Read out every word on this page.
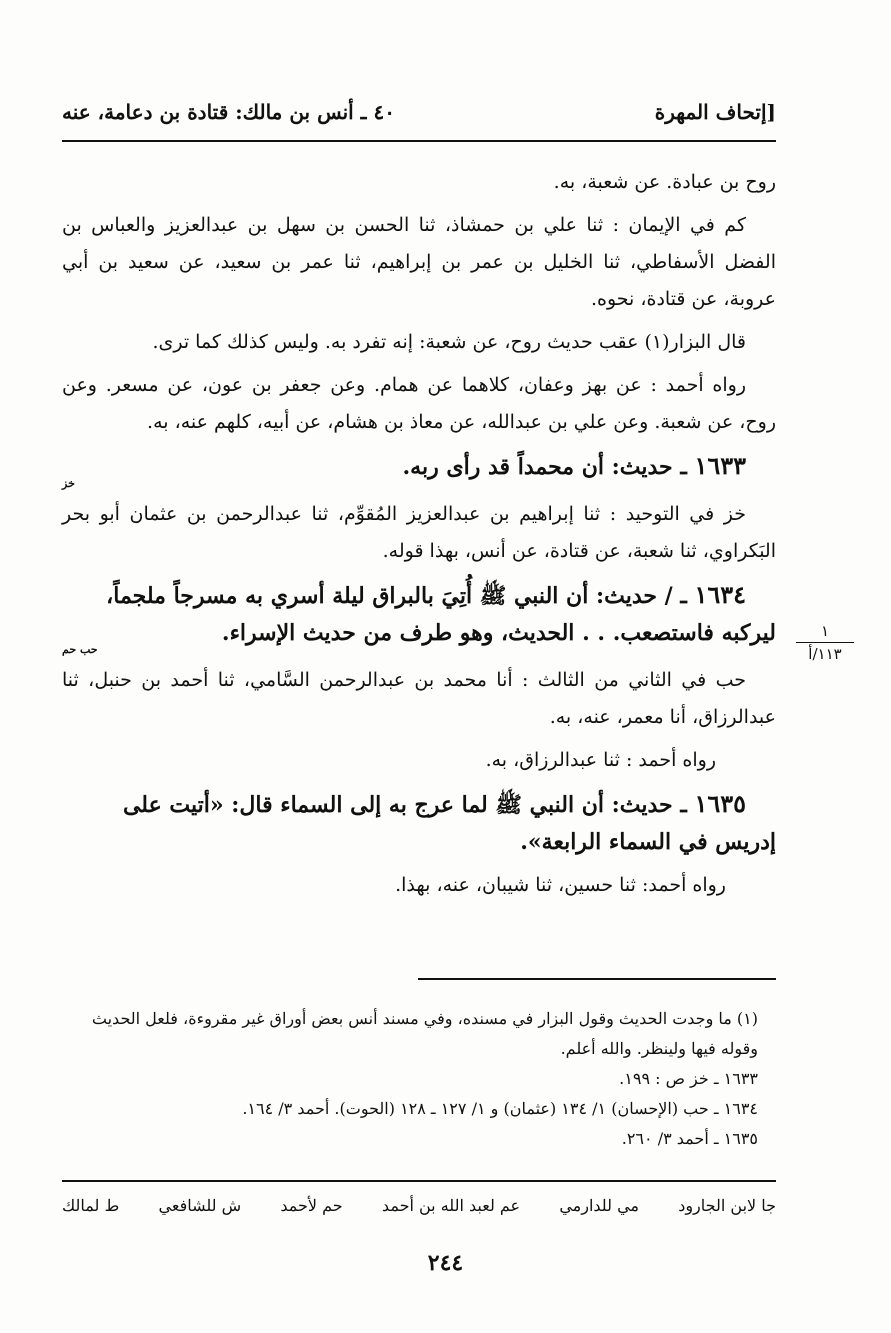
٤٠ ـ أنس بن مالك: قتادة بن دعامة، عنه	[إتحاف المهرة

روح بن عبادة. عن شعبة، به.

كم في الإيمان : ثنا علي بن حمشاذ، ثنا الحسن بن سهل بن عبدالعزيز والعباس بن الفضل الأسفاطي، ثنا الخليل بن عمر بن إبراهيم، ثنا عمر بن سعيد، عن سعيد بن أبي عروبة، عن قتادة، نحوه.

قال البزار(١) عقب حديث روح، عن شعبة: إنه تفرد به. وليس كذلك كما ترى.

رواه أحمد : عن بهز وعفان، كلاهما عن همام. وعن جعفر بن عون، عن مسعر. وعن روح، عن شعبة. وعن علي بن عبدالله، عن معاذ بن هشام، عن أبيه، كلهم عنه، به.

١٦٣٣ ـ حديث: أن محمداً قد رأى ربه.
خز

خز في التوحيد : ثنا إبراهيم بن عبدالعزيز المُقوِّم، ثنا عبدالرحمن بن عثمان أبو بحر البَكراوي، ثنا شعبة، عن قتادة، عن أنس، بهذا قوله.

١٦٣٤ ـ / حديث: أن النبي ﷺ أُتِيَ بالبراق ليلة أسري به مسرجاً ملجماً، ليركبه فاستصعب. . . الحديث، وهو طرف من حديث الإسراء.
حب حم

حب في الثاني من الثالث : أنا محمد بن عبدالرحمن السَّامي، ثنا أحمد بن حنبل، ثنا عبدالرزاق، أنا معمر، عنه، به.

رواه أحمد : ثنا عبدالرزاق، به.

١٦٣٥ ـ حديث: أن النبي ﷺ لما عرج به إلى السماء قال: «أتيت على إدريس في السماء الرابعة».

رواه أحمد: ثنا حسين، ثنا شيبان، عنه، بهذا.

١
١١٣/أ

(١) ما وجدت الحديث وقول البزار في مسنده، وفي مسند أنس بعض أوراق غير مقروءة، فلعل الحديث وقوله فيها ولينظر. والله أعلم.

١٦٣٣ ـ خز ص : ١٩٩.

١٦٣٤ ـ حب (الإحسان) ١/ ١٣٤ (عثمان) و ١/ ١٢٧ ـ ١٢٨ (الحوت). أحمد ٣/ ١٦٤.

١٦٣٥ ـ أحمد ٣/ ٢٦٠.

ط لمالك ش للشافعي حم لأحمد عم لعبد الله بن أحمد مي للدارمي جا لابن الجارود
٢٤٤
